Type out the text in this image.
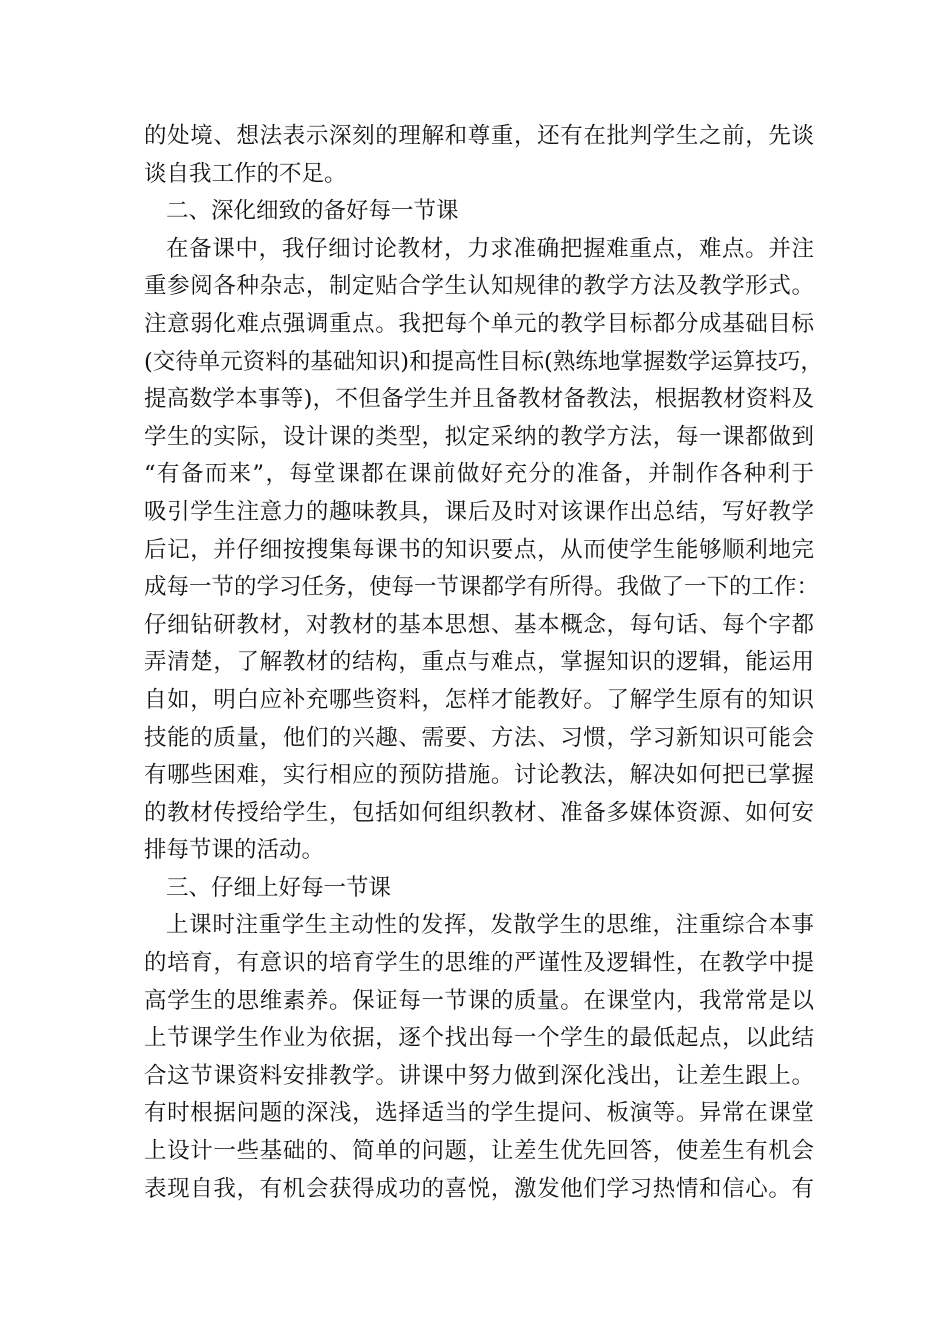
的处境、想法表示深刻的理解和尊重，还有在批判学生之前，先谈
谈自我工作的不足。
二、深化细致的备好每一节课
在备课中，我仔细讨论教材，力求准确把握难重点，难点。并注
重参阅各种杂志，制定贴合学生认知规律的教学方法及教学形式。
注意弱化难点强调重点。我把每个单元的教学目标都分成基础目标
(交待单元资料的基础知识)和提高性目标(熟练地掌握数学运算技巧，
提高数学本事等)，不但备学生并且备教材备教法，根据教材资料及
学生的实际，设计课的类型，拟定采纳的教学方法，每一课都做到
“有备而来”，每堂课都在课前做好充分的准备，并制作各种利于
吸引学生注意力的趣味教具，课后及时对该课作出总结，写好教学
后记，并仔细按搜集每课书的知识要点，从而使学生能够顺利地完
成每一节的学习任务，使每一节课都学有所得。我做了一下的工作：
仔细钻研教材，对教材的基本思想、基本概念，每句话、每个字都
弄清楚，了解教材的结构，重点与难点，掌握知识的逻辑，能运用
自如，明白应补充哪些资料，怎样才能教好。了解学生原有的知识
技能的质量，他们的兴趣、需要、方法、习惯，学习新知识可能会
有哪些困难，实行相应的预防措施。讨论教法，解决如何把已掌握
的教材传授给学生，包括如何组织教材、准备多媒体资源、如何安
排每节课的活动。
三、仔细上好每一节课
上课时注重学生主动性的发挥，发散学生的思维，注重综合本事
的培育，有意识的培育学生的思维的严谨性及逻辑性，在教学中提
高学生的思维素养。保证每一节课的质量。在课堂内，我常常是以
上节课学生作业为依据，逐个找出每一个学生的最低起点，以此结
合这节课资料安排教学。讲课中努力做到深化浅出，让差生跟上。
有时根据问题的深浅，选择适当的学生提问、板演等。异常在课堂
上设计一些基础的、简单的问题，让差生优先回答，使差生有机会
表现自我，有机会获得成功的喜悦，激发他们学习热情和信心。有
